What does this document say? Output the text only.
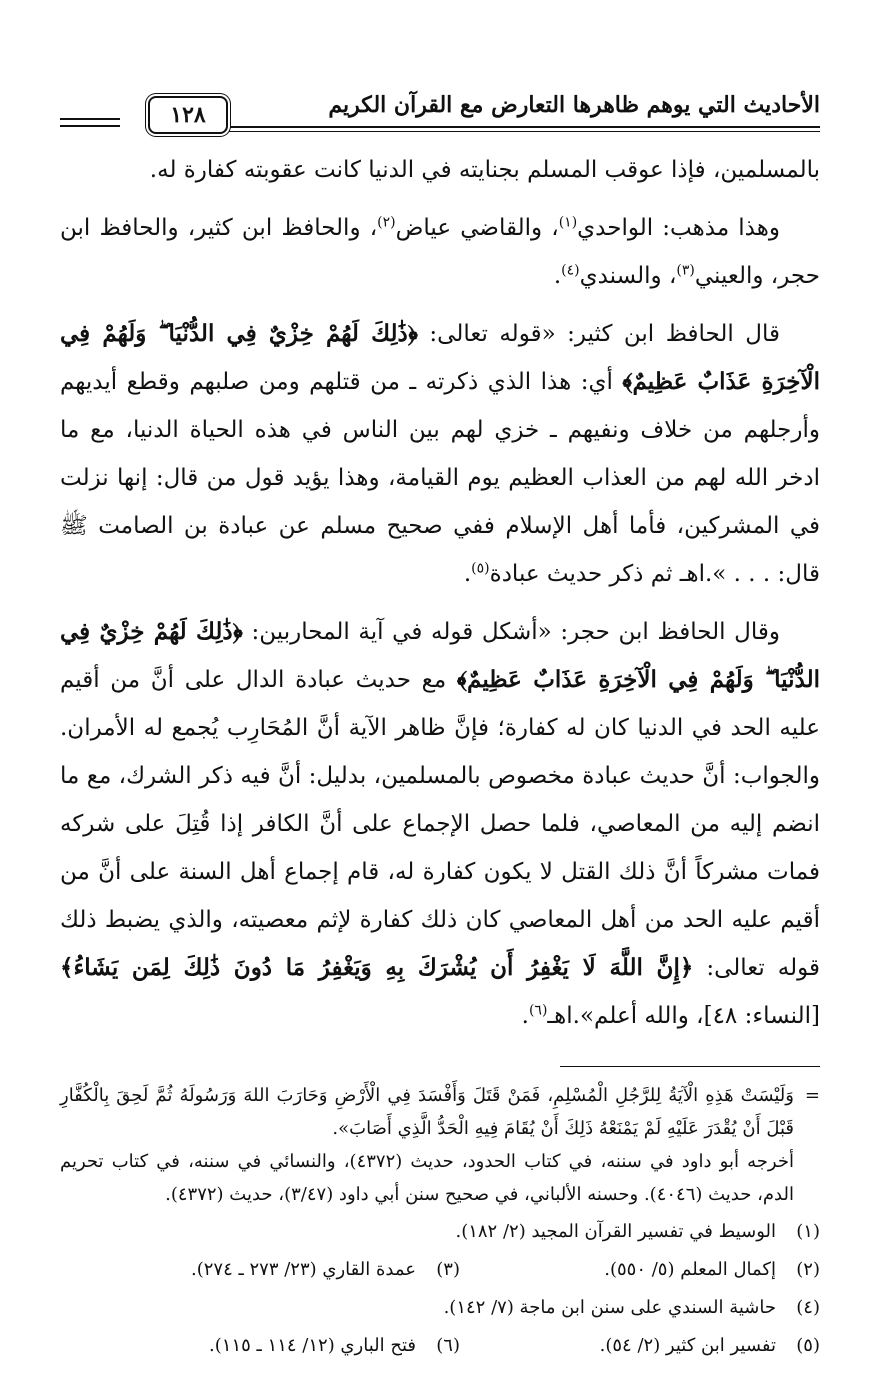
الأحاديث التي يوهم ظاهرها التعارض مع القرآن الكريم
١٢٨

بالمسلمين، فإذا عوقب المسلم بجنايته في الدنيا كانت عقوبته كفارة له.

وهذا مذهب: الواحدي$^{(١)}$، والقاضي عياض$^{(٢)}$، والحافظ ابن كثير، والحافظ ابن حجر، والعيني$^{(٣)}$، والسندي$^{(٤)}$.

قال الحافظ ابن كثير: «قوله تعالى: ﴿ذَٰلِكَ لَهُمْ خِزْيٌ فِي الدُّنْيَا ۖ وَلَهُمْ فِي الْآخِرَةِ عَذَابٌ عَظِيمٌ﴾ أي: هذا الذي ذكرته ـ من قتلهم ومن صلبهم وقطع أيديهم وأرجلهم من خلاف ونفيهم ـ خزي لهم بين الناس في هذه الحياة الدنيا، مع ما ادخر الله لهم من العذاب العظيم يوم القيامة، وهذا يؤيد قول من قال: إنها نزلت في المشركين، فأما أهل الإسلام ففي صحيح مسلم عن عبادة بن الصامت ﷺ قال: . . . ».اهـ ثم ذكر حديث عبادة$^{(٥)}$.

وقال الحافظ ابن حجر: «أشكل قوله في آية المحاربين: ﴿ذَٰلِكَ لَهُمْ خِزْيٌ فِي الدُّنْيَا ۖ وَلَهُمْ فِي الْآخِرَةِ عَذَابٌ عَظِيمٌ﴾ مع حديث عبادة الدال على أنَّ من أقيم عليه الحد في الدنيا كان له كفارة؛ فإنَّ ظاهر الآية أنَّ المُحَارِب يُجمع له الأمران. والجواب: أنَّ حديث عبادة مخصوص بالمسلمين، بدليل: أنَّ فيه ذكر الشرك، مع ما انضم إليه من المعاصي، فلما حصل الإجماع على أنَّ الكافر إذا قُتِلَ على شركه فمات مشركاً أنَّ ذلك القتل لا يكون كفارة له، قام إجماع أهل السنة على أنَّ من أقيم عليه الحد من أهل المعاصي كان ذلك كفارة لإثم معصيته، والذي يضبط ذلك قوله تعالى: ﴿إِنَّ اللَّهَ لَا يَغْفِرُ أَن يُشْرَكَ بِهِ وَيَغْفِرُ مَا دُونَ ذَٰلِكَ لِمَن يَشَاءُ﴾ [النساء: ٤٨]، والله أعلم».اهـ$^{(٦)}$.

=
وَلَيْسَتْ هَذِهِ الْآيَةُ لِلرَّجُلِ الْمُسْلِمِ، فَمَنْ قَتَلَ وَأَفْسَدَ فِي الْأَرْضِ وَحَارَبَ اللهَ وَرَسُولَهُ ثُمَّ لَحِقَ بِالْكُفَّارِ قَبْلَ أَنْ يُقْدَرَ عَلَيْهِ لَمْ يَمْنَعْهُ ذَلِكَ أَنْ يُقَامَ فِيهِ الْحَدُّ الَّذِي أَصَابَ».
أخرجه أبو داود في سننه، في كتاب الحدود، حديث (٤٣٧٢)، والنسائي في سننه، في كتاب تحريم الدم، حديث (٤٠٤٦). وحسنه الألباني، في صحيح سنن أبي داود (٣/٤٧)، حديث (٤٣٧٢).
(١)
الوسيط في تفسير القرآن المجيد (٢/ ١٨٢).
(٢)
إكمال المعلم (٥/ ٥٥٠).
(٣)
عمدة القاري (٢٣/ ٢٧٣ ـ ٢٧٤).
(٤)
حاشية السندي على سنن ابن ماجة (٧/ ١٤٢).
(٥)
تفسير ابن كثير (٢/ ٥٤).
(٦)
فتح الباري (١٢/ ١١٤ ـ ١١٥).
